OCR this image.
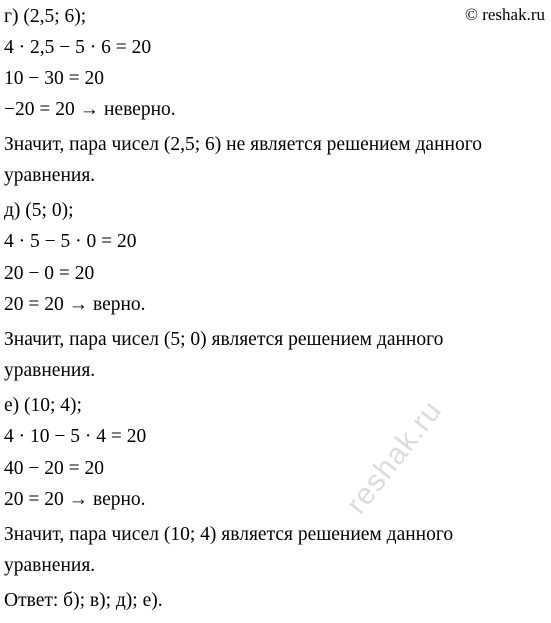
© reshak.ru
г) (2,5; 6);
4 · 2,5 − 5 · 6 = 20
10 − 30 = 20
−20 = 20 → неверно.
Значит, пара чисел (2,5; 6) не является решением данного
уравнения.
д) (5; 0);
4 · 5 − 5 · 0 = 20
20 − 0 = 20
20 = 20 → верно.
Значит, пара чисел (5; 0) является решением данного
уравнения.
е) (10; 4);
4 · 10 − 5 · 4 = 20
40 − 20 = 20
20 = 20 → верно.
Значит, пара чисел (10; 4) является решением данного
уравнения.
Ответ: б); в); д); е).
reshak.ru
